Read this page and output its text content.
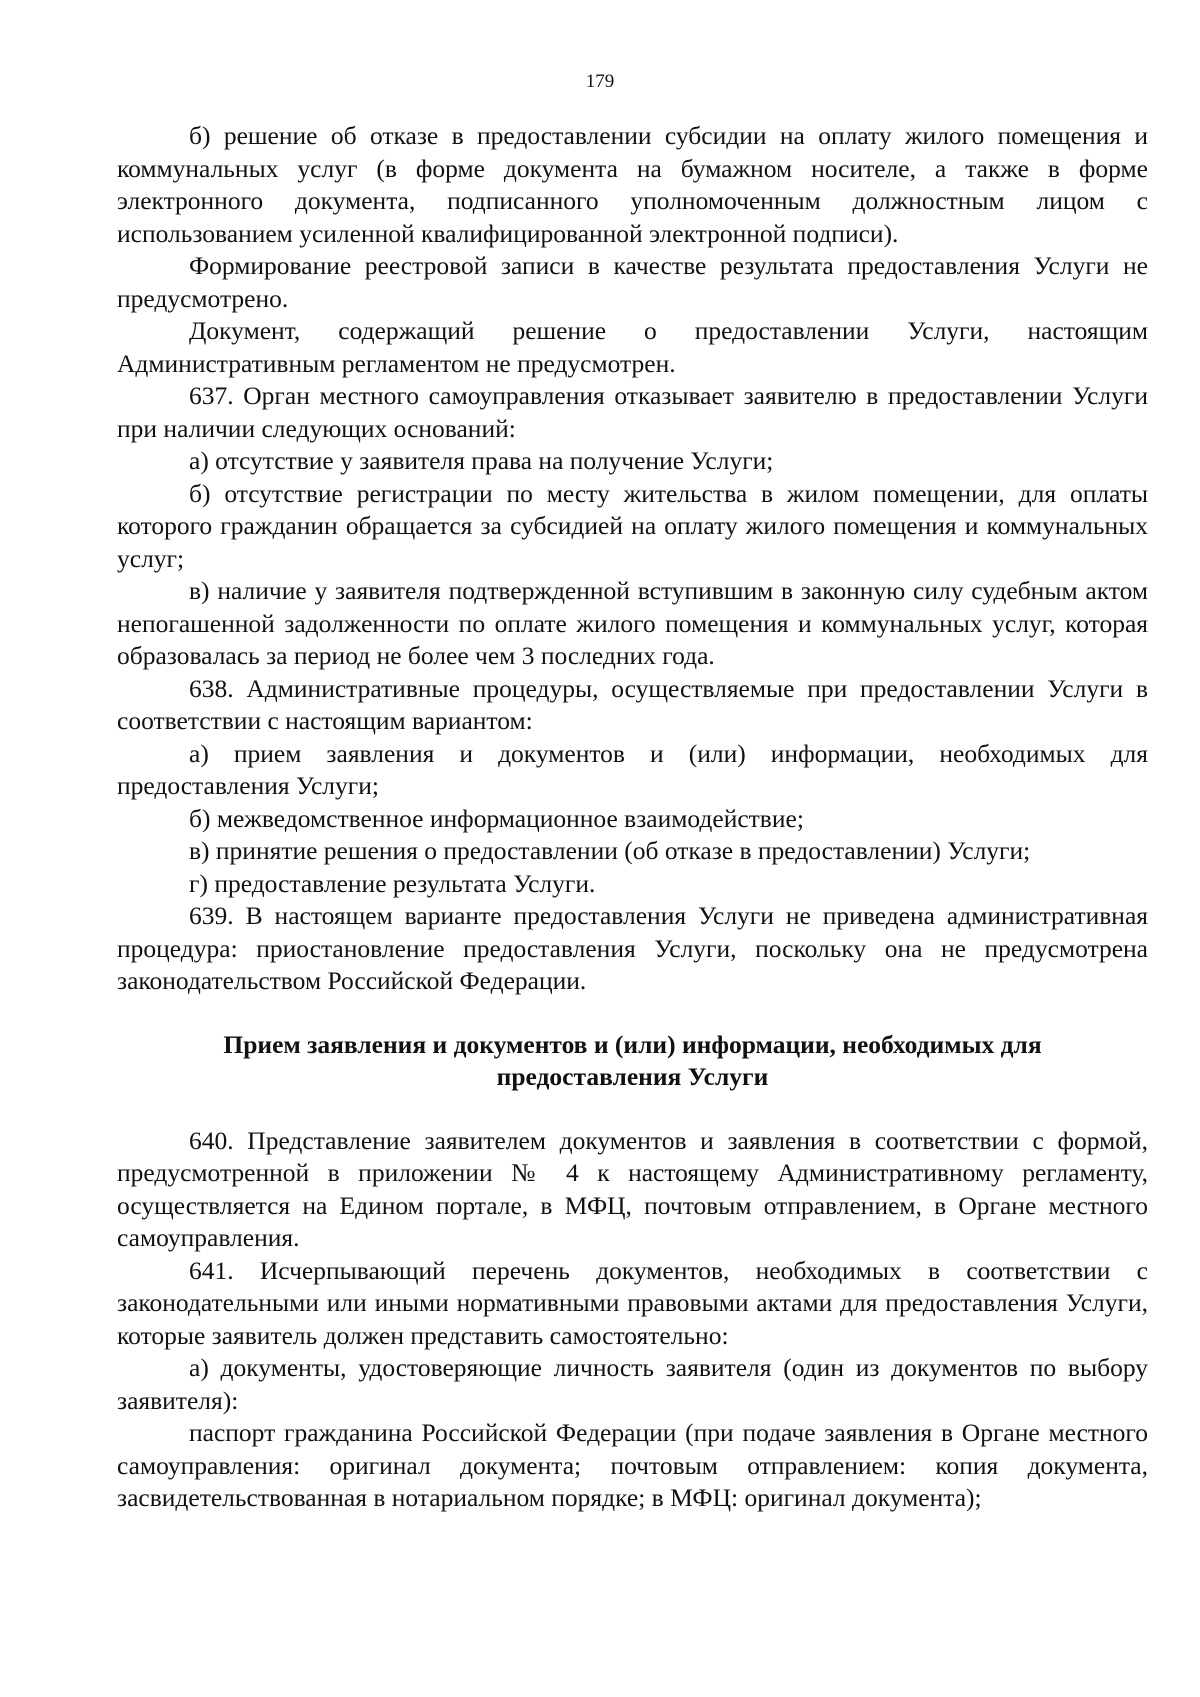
179

б) решение об отказе в предоставлении субсидии на оплату жилого помещения и коммунальных услуг (в форме документа на бумажном носителе, а также в форме электронного документа, подписанного уполномоченным должностным лицом с использованием усиленной квалифицированной электронной подписи).

Формирование реестровой записи в качестве результата предоставления Услуги не предусмотрено.

Документ, содержащий решение о предоставлении Услуги, настоящим Административным регламентом не предусмотрен.

637. Орган местного самоуправления отказывает заявителю в предоставлении Услуги при наличии следующих оснований:

а) отсутствие у заявителя права на получение Услуги;

б) отсутствие регистрации по месту жительства в жилом помещении, для оплаты которого гражданин обращается за субсидией на оплату жилого помещения и коммунальных услуг;

в) наличие у заявителя подтвержденной вступившим в законную силу судебным актом непогашенной задолженности по оплате жилого помещения и коммунальных услуг, которая образовалась за период не более чем 3 последних года.

638. Административные процедуры, осуществляемые при предоставлении Услуги в соответствии с настоящим вариантом:

а) прием заявления и документов и (или) информации, необходимых для предоставления Услуги;

б) межведомственное информационное взаимодействие;

в) принятие решения о предоставлении (об отказе в предоставлении) Услуги;

г) предоставление результата Услуги.

639. В настоящем варианте предоставления Услуги не приведена административная процедура: приостановление предоставления Услуги, поскольку она не предусмотрена законодательством Российской Федерации.

Прием заявления и документов и (или) информации, необходимых для предоставления Услуги

640. Представление заявителем документов и заявления в соответствии с формой, предусмотренной в приложении № 4 к настоящему Административному регламенту, осуществляется на Едином портале, в МФЦ, почтовым отправлением, в Органе местного самоуправления.

641. Исчерпывающий перечень документов, необходимых в соответствии с законодательными или иными нормативными правовыми актами для предоставления Услуги, которые заявитель должен представить самостоятельно:

а) документы, удостоверяющие личность заявителя (один из документов по выбору заявителя):

паспорт гражданина Российской Федерации (при подаче заявления в Органе местного самоуправления: оригинал документа; почтовым отправлением: копия документа, засвидетельствованная в нотариальном порядке; в МФЦ: оригинал документа);
